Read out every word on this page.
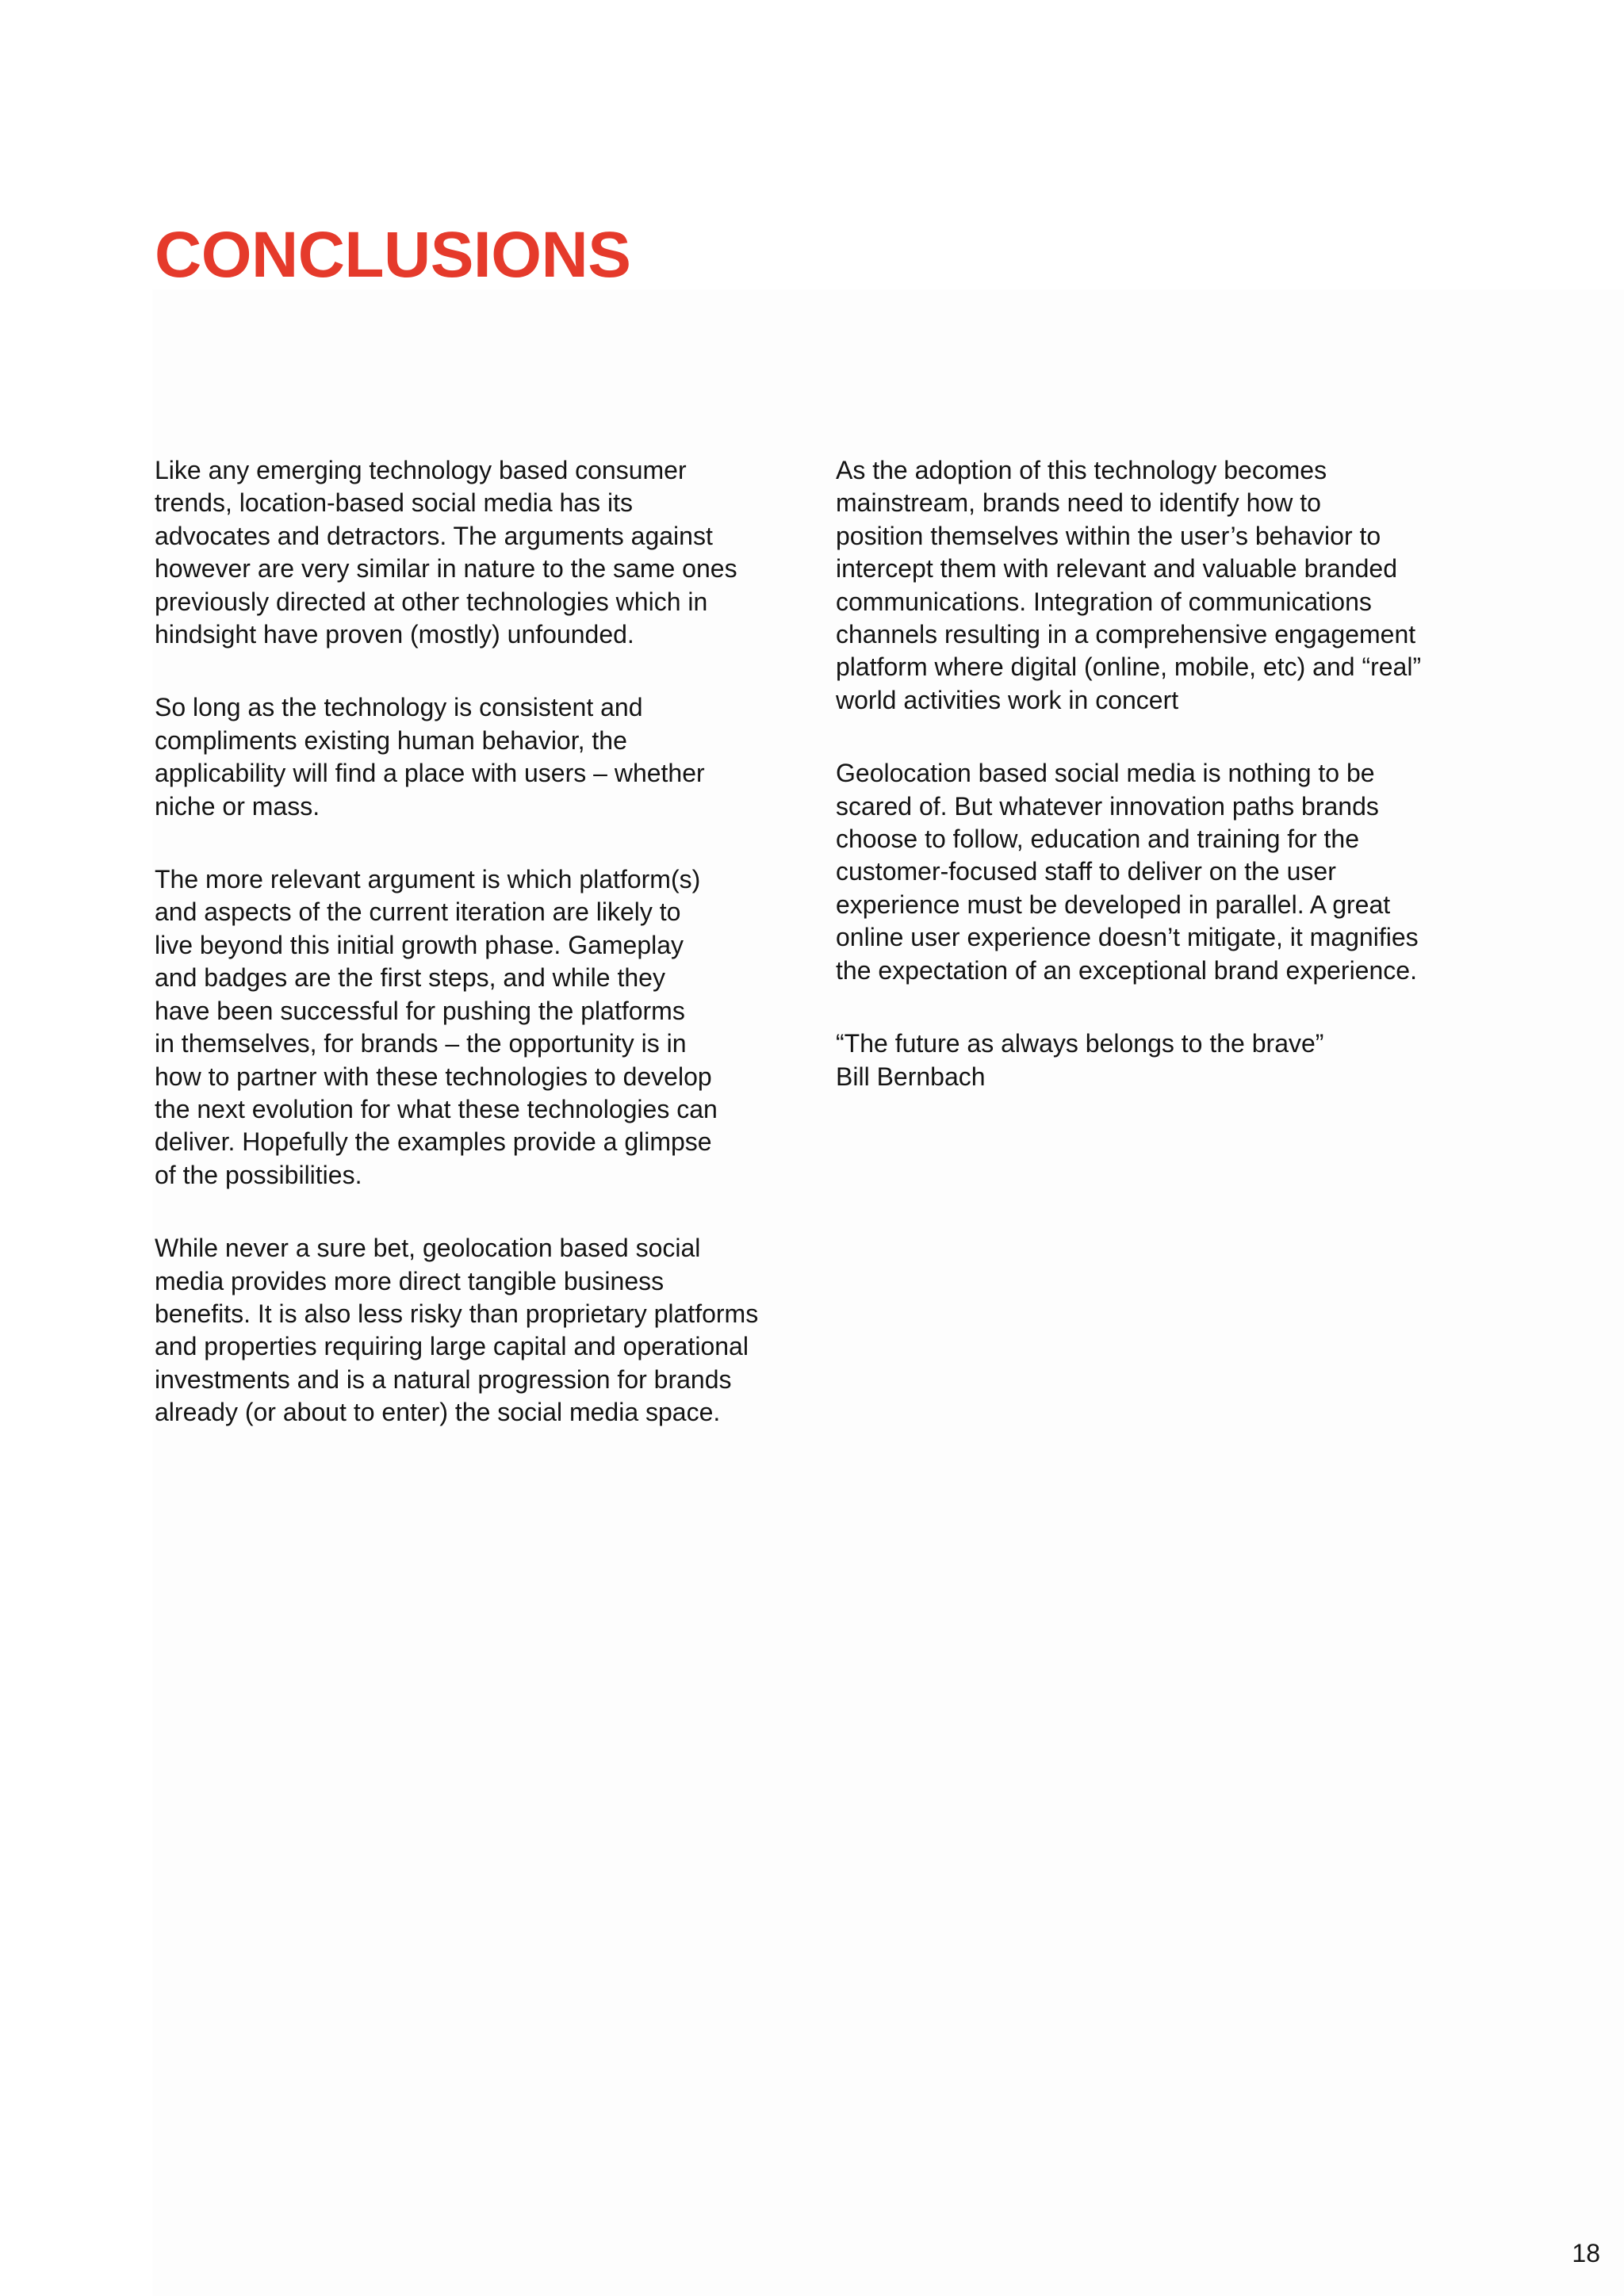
CONCLUSIONS

Like any emerging technology based consumer
trends, location-based social media has its
advocates and detractors. The arguments against
however are very similar in nature to the same ones
previously directed at other technologies which in
hindsight have proven (mostly) unfounded.

So long as the technology is consistent and
compliments existing human behavior, the
applicability will find a place with users – whether
niche or mass.

The more relevant argument is which platform(s)
and aspects of the current iteration are likely to
live beyond this initial growth phase. Gameplay
and badges are the first steps, and while they
have been successful for pushing the platforms
in themselves, for brands – the opportunity is in
how to partner with these technologies to develop
the next evolution for what these technologies can
deliver. Hopefully the examples provide a glimpse
of the possibilities.

While never a sure bet, geolocation based social
media provides more direct tangible business
benefits. It is also less risky than proprietary platforms
and properties requiring large capital and operational
investments and is a natural progression for brands
already (or about to enter) the social media space.

As the adoption of this technology becomes
mainstream, brands need to identify how to
position themselves within the user’s behavior to
intercept them with relevant and valuable branded
communications. Integration of communications
channels resulting in a comprehensive engagement
platform where digital (online, mobile, etc) and “real”
world activities work in concert

Geolocation based social media is nothing to be
scared of. But whatever innovation paths brands
choose to follow, education and training for the
customer-focused staff to deliver on the user
experience must be developed in parallel. A great
online user experience doesn’t mitigate, it magnifies
the expectation of an exceptional brand experience.

“The future as always belongs to the brave”
Bill Bernbach

18
